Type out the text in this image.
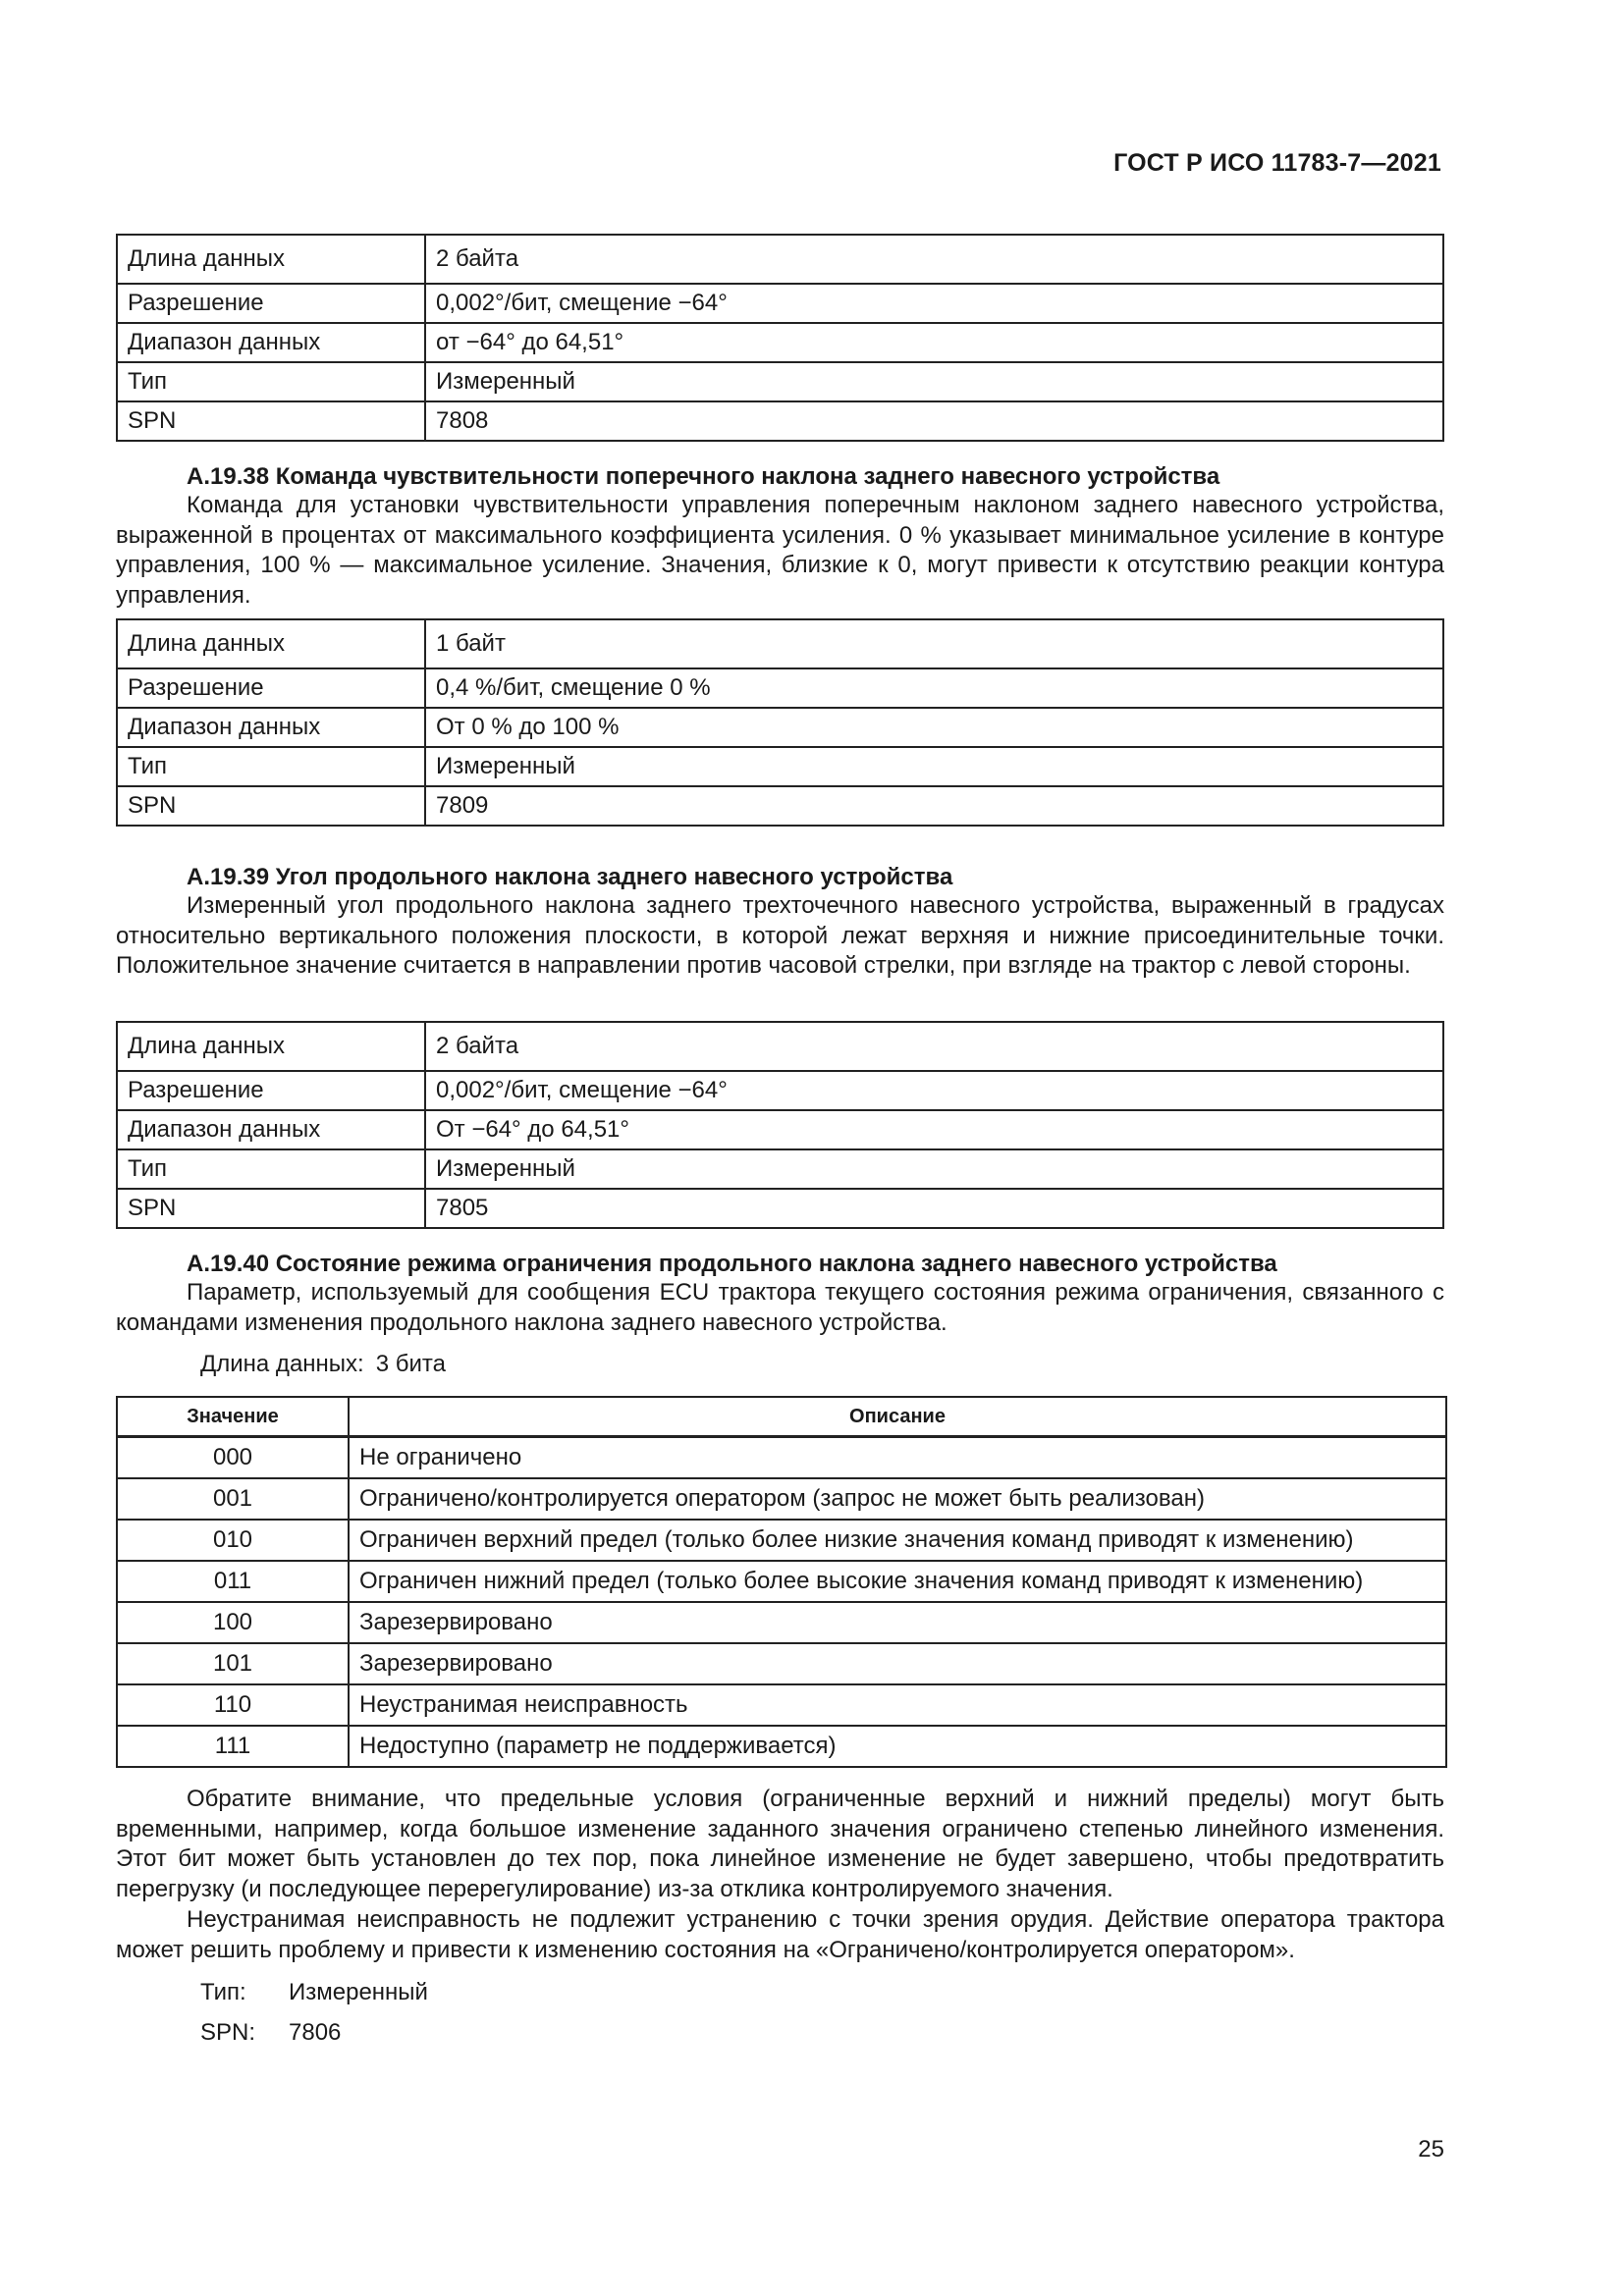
ГОСТ Р ИСО 11783-7—2021
Длина данных	2 байта
Разрешение	0,002°/бит, смещение −64°
Диапазон данных	от −64° до 64,51°
Тип	Измеренный
SPN	7808

А.19.38 Команда чувствительности поперечного наклона заднего навесного устройства

Команда для установки чувствительности управления поперечным наклоном заднего навесного устройства, выраженной в процентах от максимального коэффициента усиления. 0 % указывает минимальное усиление в контуре управления, 100 % — максимальное усиление. Значения, близкие к 0, могут привести к отсутствию реакции контура управления.

Длина данных	1 байт
Разрешение	0,4 %/бит, смещение 0 %
Диапазон данных	От 0 % до 100 %
Тип	Измеренный
SPN	7809

А.19.39 Угол продольного наклона заднего навесного устройства

Измеренный угол продольного наклона заднего трехточечного навесного устройства, выраженный в градусах относительно вертикального положения плоскости, в которой лежат верхняя и нижние присоединительные точки. Положительное значение считается в направлении против часовой стрелки, при взгляде на трактор с левой стороны.

Длина данных	2 байта
Разрешение	0,002°/бит, смещение −64°
Диапазон данных	От −64° до 64,51°
Тип	Измеренный
SPN	7805

А.19.40 Состояние режима ограничения продольного наклона заднего навесного устройства

Параметр, используемый для сообщения ECU трактора текущего состояния режима ограничения, связанного с командами изменения продольного наклона заднего навесного устройства.

Длина данных: 3 бита
Значение	Описание
000	Не ограничено
001	Ограничено/контролируется оператором (запрос не может быть реализован)
010	Ограничен верхний предел (только более низкие значения команд приводят к изменению)
011	Ограничен нижний предел (только более высокие значения команд приводят к изменению)
100	Зарезервировано
101	Зарезервировано
110	Неустранимая неисправность
111	Недоступно (параметр не поддерживается)

Обратите внимание, что предельные условия (ограниченные верхний и нижний пределы) могут быть временными, например, когда большое изменение заданного значения ограничено степенью линейного изменения. Этот бит может быть установлен до тех пор, пока линейное изменение не будет завершено, чтобы предотвратить перегрузку (и последующее перерегулирование) из-за отклика контролируемого значения.

Неустранимая неисправность не подлежит устранению с точки зрения орудия. Действие оператора трактора может решить проблему и привести к изменению состояния на «Ограничено/контролируется оператором».

Тип: Измеренный
SPN: 7806
25
